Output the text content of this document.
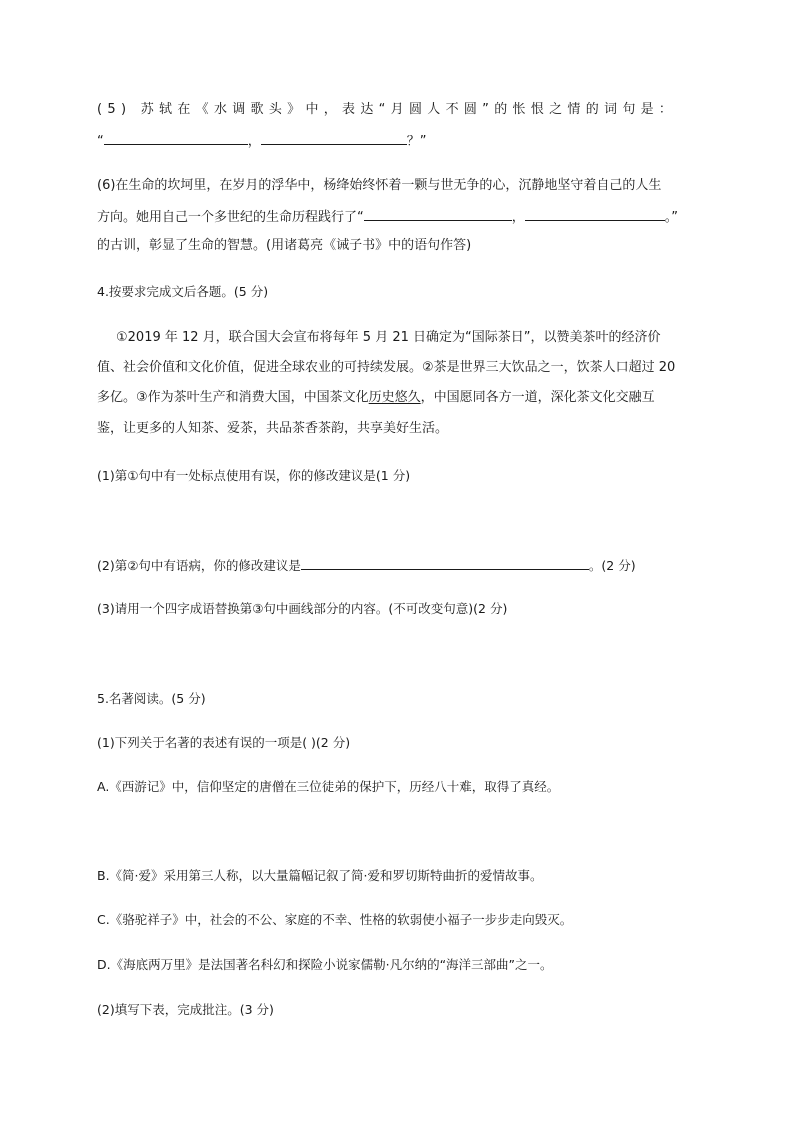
(5) 苏轼在《水调歌头》中，表达“月圆人不圆”的怅恨之情的词句是：
“	，	？”
(6)在生命的坎坷里，在岁月的浮华中，杨绛始终怀着一颗与世无争的心，沉静地坚守着自己的人生
方向。她用自己一个多世纪的生命历程践行了“	，	。”
的古训，彰显了生命的智慧。(用诸葛亮《诫子书》中的语句作答)
4.按要求完成文后各题。(5 分)
①2019 年 12 月，联合国大会宣布将每年 5 月 21 日确定为“国际茶日”，以赞美茶叶的经济价
值、社会价值和文化价值，促进全球农业的可持续发展。②茶是世界三大饮品之一，饮茶人口超过 20
多亿。③作为茶叶生产和消费大国，中国茶文化历史悠久，中国愿同各方一道，深化茶文化交融互
鉴，让更多的人知茶、爱茶，共品茶香茶韵，共享美好生活。
(1)第①句中有一处标点使用有误，你的修改建议是(1 分)
(2)第②句中有语病，你的修改建议是	。(2 分)
(3)请用一个四字成语替换第③句中画线部分的内容。(不可改变句意)(2 分)
5.名著阅读。(5 分)
(1)下列关于名著的表述有误的一项是( )(2 分)
A.《西游记》中，信仰坚定的唐僧在三位徒弟的保护下，历经八十难，取得了真经。
B.《简·爱》采用第三人称，以大量篇幅记叙了简·爱和罗切斯特曲折的爱情故事。
C.《骆驼祥子》中，社会的不公、家庭的不幸、性格的软弱使小福子一步步走向毁灭。
D.《海底两万里》是法国著名科幻和探险小说家儒勒·凡尔纳的“海洋三部曲”之一。
(2)填写下表，完成批注。(3 分)
